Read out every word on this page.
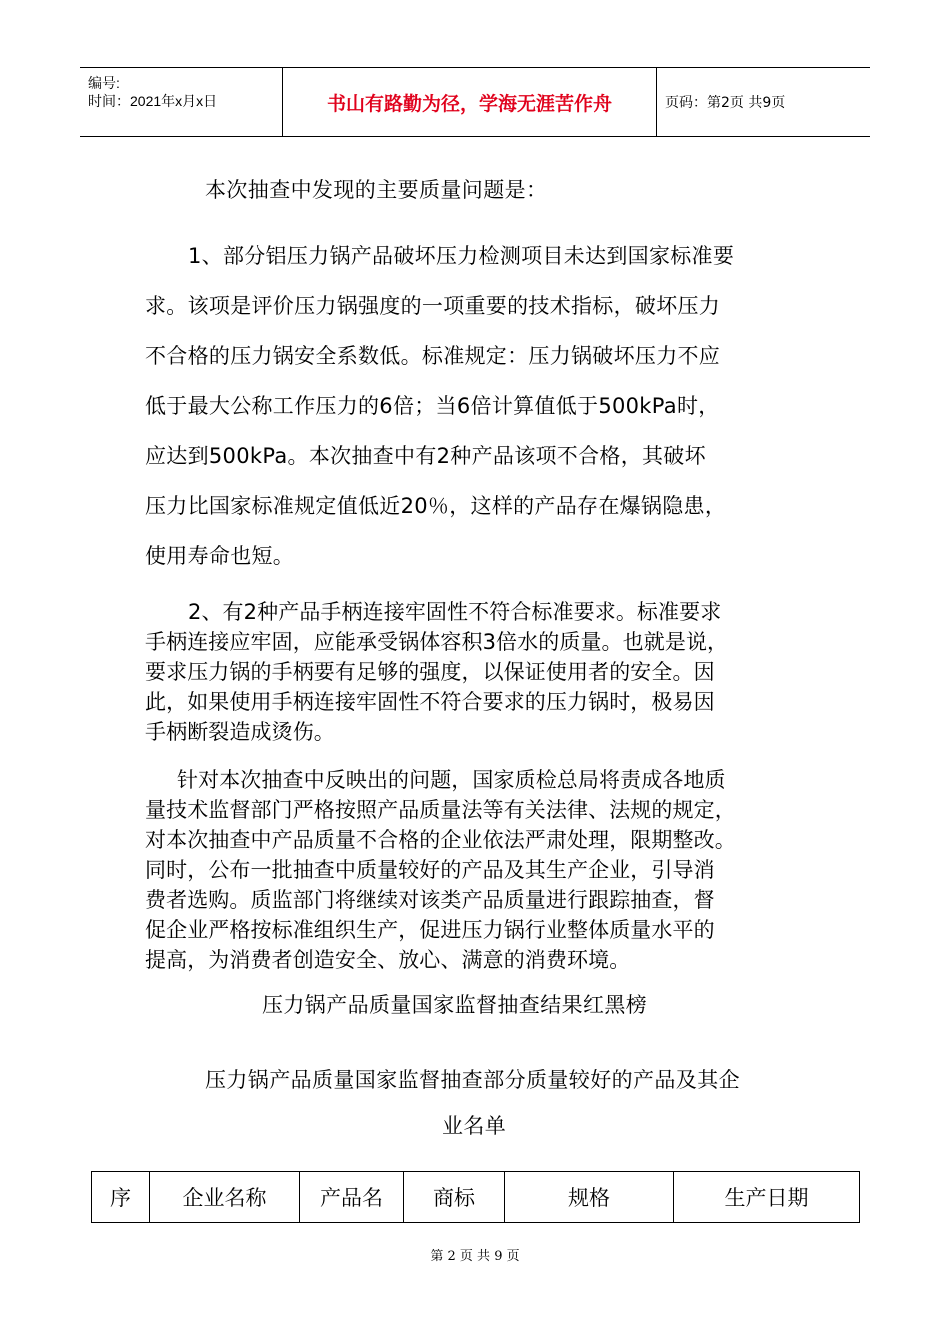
编号:
时间：2021年x月x日	书山有路勤为径，学海无涯苦作舟	页码：第2页 共9页
本次抽查中发现的主要质量问题是：
1、部分铝压力锅产品破坏压力检测项目未达到国家标准要
求。该项是评价压力锅强度的一项重要的技术指标，破坏压力
不合格的压力锅安全系数低。标准规定：压力锅破坏压力不应
低于最大公称工作压力的6倍；当6倍计算值低于500kPa时，
应达到500kPa。本次抽查中有2种产品该项不合格，其破坏
压力比国家标准规定值低近20％，这样的产品存在爆锅隐患，
使用寿命也短。
2、有2种产品手柄连接牢固性不符合标准要求。标准要求
手柄连接应牢固，应能承受锅体容积3倍水的质量。也就是说，
要求压力锅的手柄要有足够的强度，以保证使用者的安全。因
此，如果使用手柄连接牢固性不符合要求的压力锅时，极易因
手柄断裂造成烫伤。
针对本次抽查中反映出的问题，国家质检总局将责成各地质
量技术监督部门严格按照产品质量法等有关法律、法规的规定，
对本次抽查中产品质量不合格的企业依法严肃处理，限期整改。
同时，公布一批抽查中质量较好的产品及其生产企业，引导消
费者选购。质监部门将继续对该类产品质量进行跟踪抽查，督
促企业严格按标准组织生产，促进压力锅行业整体质量水平的
提高，为消费者创造安全、放心、满意的消费环境。
压力锅产品质量国家监督抽查结果红黑榜
压力锅产品质量国家监督抽查部分质量较好的产品及其企
业名单
序	企业名称	产品名	商标	规格	生产日期
第 2 页 共 9 页
